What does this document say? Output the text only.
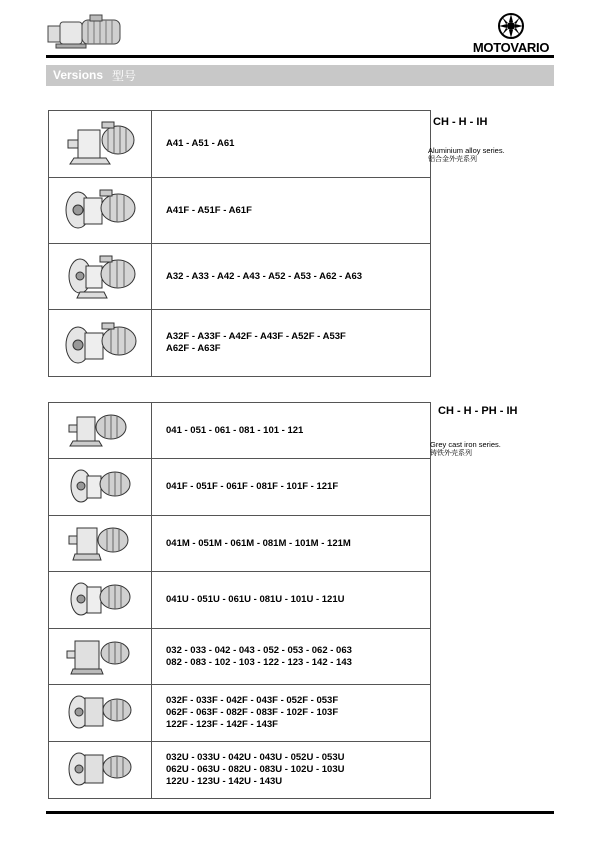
MOTOVARIO
Versions 型号

A41 - A51 - A61

A41F - A51F - A61F

A32 - A33 - A42 - A43 - A52 - A53 - A62 - A63

A32F - A33F - A42F - A43F - A52F - A53F
A62F - A63F
CH - H - IH
Aluminium alloy series.
铝合金外壳系列

041 - 051 - 061 - 081 - 101 - 121

041F - 051F - 061F - 081F - 101F - 121F

041M - 051M - 061M - 081M - 101M - 121M

041U - 051U - 061U - 081U - 101U - 121U

032 - 033 - 042 - 043 - 052 - 053 - 062 - 063
082 - 083 - 102 - 103 - 122 - 123 - 142 - 143

032F - 033F - 042F - 043F - 052F - 053F
062F - 063F - 082F - 083F - 102F - 103F
122F - 123F - 142F - 143F

032U - 033U - 042U - 043U - 052U - 053U
062U - 063U - 082U - 083U - 102U - 103U
122U - 123U - 142U - 143U
CH - H - PH - IH
Grey cast iron series.
铸铁外壳系列
